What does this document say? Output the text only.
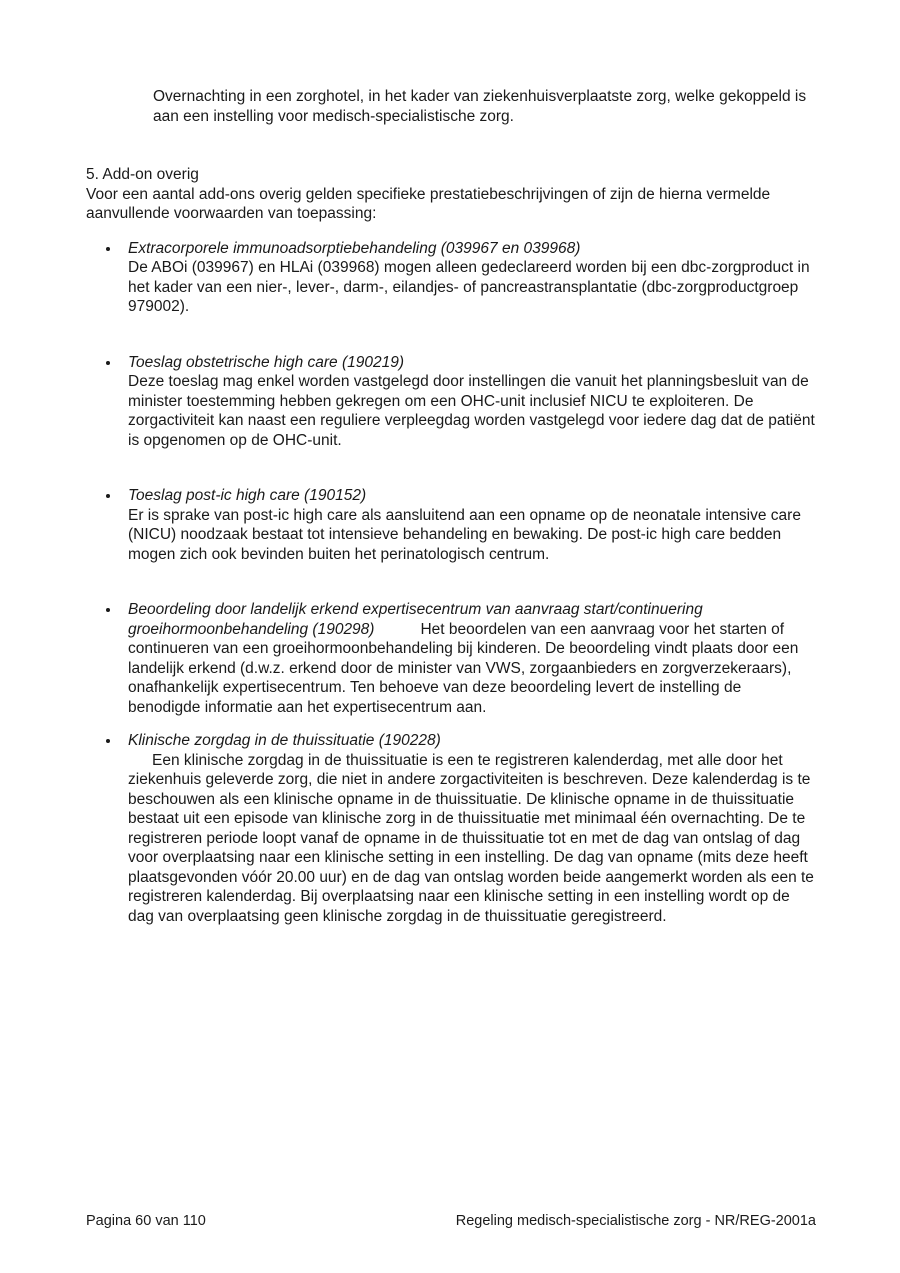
Overnachting in een zorghotel, in het kader van ziekenhuisverplaatste zorg, welke gekoppeld is aan een instelling voor medisch-specialistische zorg.

5. Add-on overig

Voor een aantal add-ons overig gelden specifieke prestatiebeschrijvingen of zijn de hierna vermelde aanvullende voorwaarden van toepassing:

Extracorporele immunoadsorptiebehandeling (039967 en 039968)
De ABOi (039967) en HLAi (039968) mogen alleen gedeclareerd worden bij een dbc-zorgproduct in het kader van een nier-, lever-, darm-, eilandjes- of pancreastransplantatie (dbc-zorgproductgroep 979002).
Toeslag obstetrische high care (190219)
Deze toeslag mag enkel worden vastgelegd door instellingen die vanuit het planningsbesluit van de minister toestemming hebben gekregen om een OHC-unit inclusief NICU te exploiteren. De zorgactiviteit kan naast een reguliere verpleegdag worden vastgelegd voor iedere dag dat de patiënt is opgenomen op de OHC-unit.
Toeslag post-ic high care (190152)
Er is sprake van post-ic high care als aansluitend aan een opname op de neonatale intensive care (NICU) noodzaak bestaat tot intensieve behandeling en bewaking. De post-ic high care bedden mogen zich ook bevinden buiten het perinatologisch centrum.
Beoordeling door landelijk erkend expertisecentrum van aanvraag start/continuering groeihormoonbehandeling (190298)	Het beoordelen van een aanvraag voor het starten of continueren van een groeihormoonbehandeling bij kinderen. De beoordeling vindt plaats door een landelijk erkend (d.w.z. erkend door de minister van VWS, zorgaanbieders en zorgverzekeraars), onafhankelijk expertisecentrum. Ten behoeve van deze beoordeling levert de instelling de benodigde informatie aan het expertisecentrum aan.
Klinische zorgdag in de thuissituatie (190228)
Een klinische zorgdag in de thuissituatie is een te registreren kalenderdag, met alle door het ziekenhuis geleverde zorg, die niet in andere zorgactiviteiten is beschreven. Deze kalenderdag is te beschouwen als een klinische opname in de thuissituatie. De klinische opname in de thuissituatie bestaat uit een episode van klinische zorg in de thuissituatie met minimaal één overnachting. De te registreren periode loopt vanaf de opname in de thuissituatie tot en met de dag van ontslag of dag voor overplaatsing naar een klinische setting in een instelling. De dag van opname (mits deze heeft plaatsgevonden vóór 20.00 uur) en de dag van ontslag worden beide aangemerkt worden als een te registreren kalenderdag. Bij overplaatsing naar een klinische setting in een instelling wordt op de dag van overplaatsing geen klinische zorgdag in de thuissituatie geregistreerd.
Pagina 60 van 110	Regeling medisch-specialistische zorg - NR/REG-2001a
